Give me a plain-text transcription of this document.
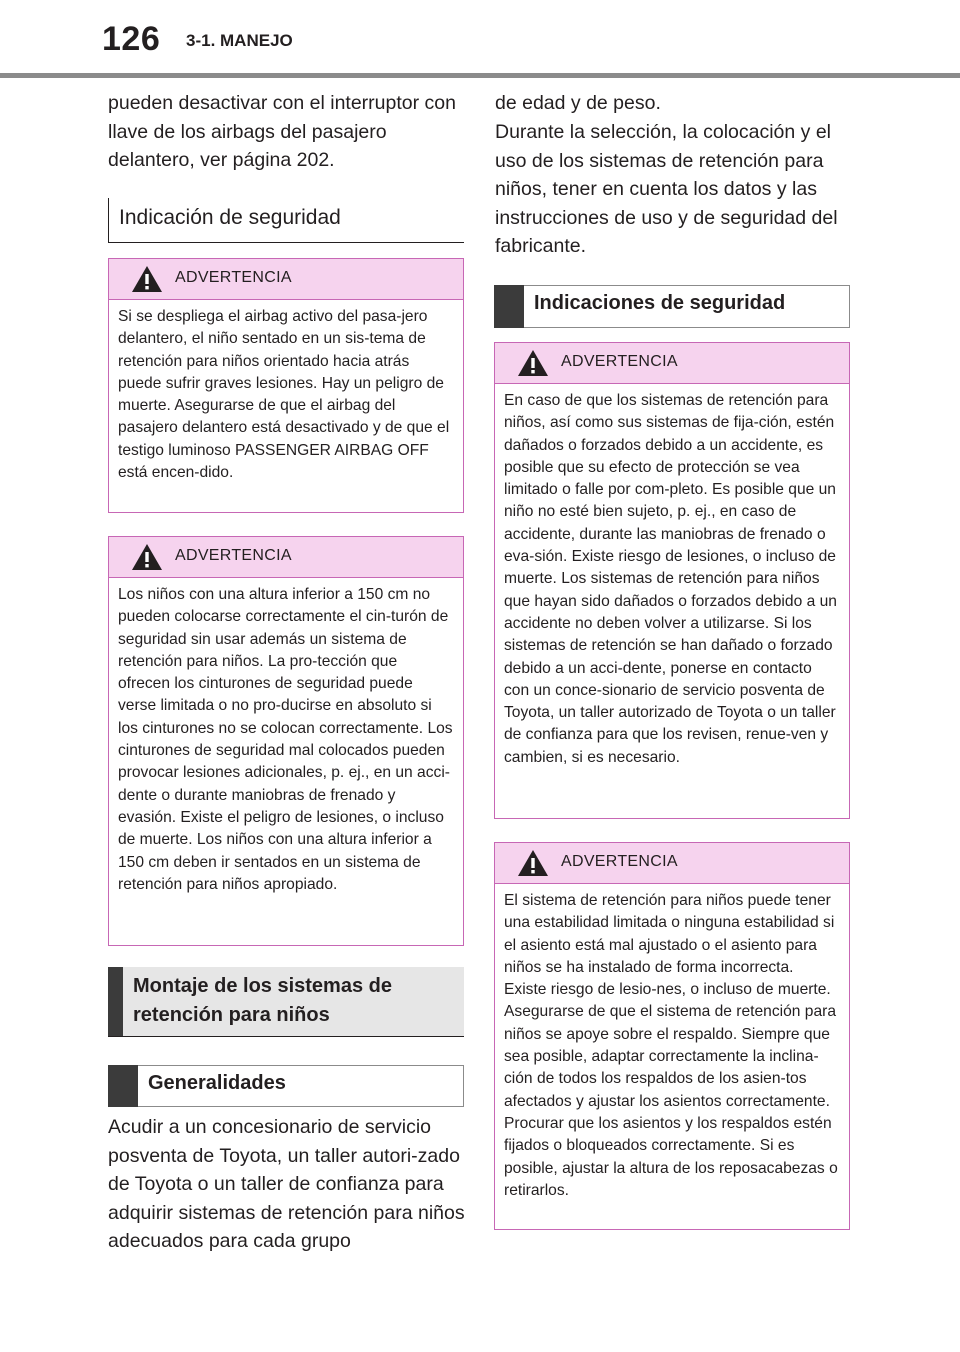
126 3-1. MANEJO

pueden desactivar con el interruptor con llave de los airbags del pasajero delantero, ver página 202.

Indicación de seguridad
ADVERTENCIA

Si se despliega el airbag activo del pasa-jero delantero, el niño sentado en un sis-tema de retención para niños orientado hacia atrás puede sufrir graves lesiones. Hay un peligro de muerte. Asegurarse de que el airbag del pasajero delantero está desactivado y de que el testigo luminoso PASSENGER AIRBAG OFF está encen-dido.

ADVERTENCIA

Los niños con una altura inferior a 150 cm no pueden colocarse correctamente el cin-turón de seguridad sin usar además un sistema de retención para niños. La pro-tección que ofrecen los cinturones de seguridad puede verse limitada o no pro-ducirse en absoluto si los cinturones no se colocan correctamente. Los cinturones de seguridad mal colocados pueden provocar lesiones adicionales, p. ej., en un acci-dente o durante maniobras de frenado y evasión. Existe el peligro de lesiones, o incluso de muerte. Los niños con una altura inferior a 150 cm deben ir sentados en un sistema de retención para niños apropiado.

Montaje de los sistemas de retención para niños

Generalidades

Acudir a un concesionario de servicio posventa de Toyota, un taller autori-zado de Toyota o un taller de confianza para adquirir sistemas de retención para niños adecuados para cada grupo

de edad y de peso.

Durante la selección, la colocación y el uso de los sistemas de retención para niños, tener en cuenta los datos y las instrucciones de uso y de seguridad del fabricante.

Indicaciones de seguridad
ADVERTENCIA

En caso de que los sistemas de retención para niños, así como sus sistemas de fija-ción, estén dañados o forzados debido a un accidente, es posible que su efecto de protección se vea limitado o falle por com-pleto. Es posible que un niño no esté bien sujeto, p. ej., en caso de accidente, durante las maniobras de frenado o eva-sión. Existe riesgo de lesiones, o incluso de muerte. Los sistemas de retención para niños que hayan sido dañados o forzados debido a un accidente no deben volver a utilizarse. Si los sistemas de retención se han dañado o forzado debido a un acci-dente, ponerse en contacto con un conce-sionario de servicio posventa de Toyota, un taller autorizado de Toyota o un taller de confianza para que los revisen, renue-ven y cambien, si es necesario.

ADVERTENCIA

El sistema de retención para niños puede tener una estabilidad limitada o ninguna estabilidad si el asiento está mal ajustado o el asiento para niños se ha instalado de forma incorrecta. Existe riesgo de lesio-nes, o incluso de muerte. Asegurarse de que el sistema de retención para niños se apoye sobre el respaldo. Siempre que sea posible, adaptar correctamente la inclina-ción de todos los respaldos de los asien-tos afectados y ajustar los asientos correctamente. Procurar que los asientos y los respaldos estén fijados o bloqueados correctamente. Si es posible, ajustar la altura de los reposacabezas o retirarlos.
